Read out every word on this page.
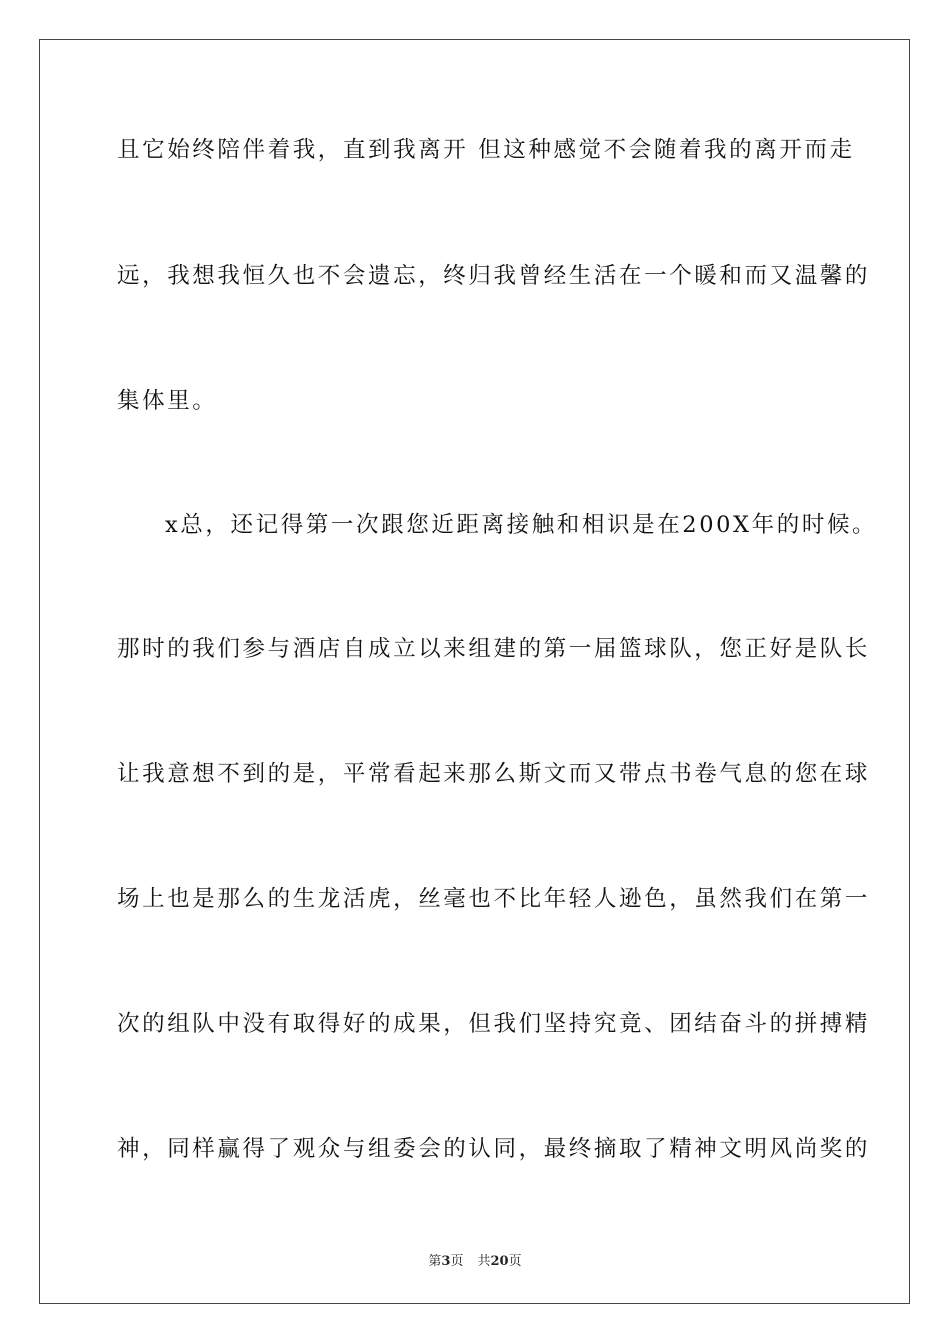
且它始终陪伴着我，直到我离开 但这种感觉不会随着我的离开而走
远，我想我恒久也不会遗忘，终归我曾经生活在一个暖和而又温馨的
集体里。
x总，还记得第一次跟您近距离接触和相识是在200X年的时候。
那时的我们参与酒店自成立以来组建的第一届篮球队，您正好是队长
让我意想不到的是，平常看起来那么斯文而又带点书卷气息的您在球
场上也是那么的生龙活虎，丝毫也不比年轻人逊色，虽然我们在第一
次的组队中没有取得好的成果，但我们坚持究竟、团结奋斗的拼搏精
神，同样赢得了观众与组委会的认同，最终摘取了精神文明风尚奖的
第3页 共20页
